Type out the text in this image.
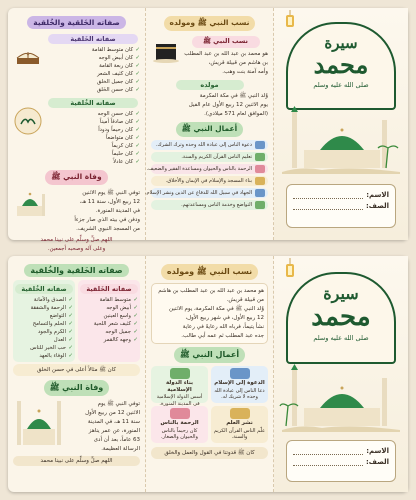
صفاته الخَلقية والخُلقية
صفاته الخَلقية
✓ كان متوسط القامة
✓ كان أبيض الوجه
✓ كان ربعة القامة
✓ كان كثيف الشعر
✓ كان جميل الخلق
✓ كان حسن الخَلق
صفاته الخُلقية
✓ كان حسن الوجه
✓ كان صادقاً أميناً
✓ كان رحيماً ودوداً
✓ كان متواضعاً
✓ كان كريماً
✓ كان حليماً
✓ كان عادلاً
وفاة النبي ﷺ
توفي النبي ﷺ يوم الاثنين
12 ربيع الأول، سنة 11 هـ،
في المدينة المنورة.
ودفن في بيته الذي صار جزءاً
من المسجد النبوي الشريف.
اللهم صلِّ وسلِّم على نبينا محمد
وعلى آله وصحبه أجمعين.
نسب النبي ﷺ ومولده
نسب النبي ﷺ
هو محمد بن عبد الله بن عبد المطلب
بن هاشم من قبيلة قريش،
وأمه آمنة بنت وهب.
مولده
وُلد النبي ﷺ في مكة المكرمة
يوم الاثنين 12 ربيع الأول عام الفيل
(الموافق لعام 571 ميلادي).
أعمال النبي ﷺ
دعوة الناس إلى عبادة الله وحده وترك الشرك.
تعليم الناس القرآن الكريم والسنة.
الرحمة بالناس والحيوان ومساعدة الفقير والضعيف.
بناء المسجد والإسلام في الإيمان والأخلاق.
الجهاد في سبيل الله للدفاع عن الدين ونشر الإسلام.
التواضع وخدمة الناس ومساعدتهم.
سيرة
محمد
صلى الله عليه وسلم
الاسم:
الصف:
صفاته الخَلقية والخُلقية
صفاته الخَلقية
✓ متوسط القامة
✓ أبيض الوجه
✓ واسع العينين
✓ كثيف شعر اللحية
✓ جميل الوجه
✓ وجهه كالقمر
صفاته الخُلقية
✓ الصدق والأمانة
✓ الرحمة والشفقة
✓ التواضع
✓ الحلم والتسامح
✓ الكرم والجود
✓ العدل
✓ حب الخير للناس
✓ الوفاء بالعهد
كان ﷺ مثالاً أعلى في حسن الخلق
وفاة النبي ﷺ
توفي النبي ﷺ يوم
الاثنين 12 من ربيع الأول
سنة 11 هـ، في المدينة
المنورة، عن عمر يناهز
63 عاماً، بعد أن أدى
الرسالة العظيمة.
اللهم صلِّ وسلِّم على نبينا محمد
نسب النبي ﷺ ومولده
هو محمد بن عبد الله بن عبد المطلب بن هاشم
من قبيلة قريش.
وُلد النبي ﷺ في مكة المكرمة، يوم الاثنين
12 ربيع الأول، في شهر ربيع الأول،
نشأ يتيماً، فرباه الله رعايةً في رعاية
جده عبد المطلب ثم عمه أبي طالب.
أعمال النبي ﷺ
الدعوة إلى الإسلام
دعا الناس إلى عبادة الله وحده لا شريك له.
بناء الدولة الإسلامية
أسس الدولة الإسلامية في المدينة المنورة.
نشر العلم
علّم الناس القرآن الكريم والسنة.
الرحمة بالناس
كان رحيماً بالناس والحيوان والصغار.
كان ﷺ قدوتنا في القول والعمل والخلق
سيرة
محمد
صلى الله عليه وسلم
الاسم:
الصف:
